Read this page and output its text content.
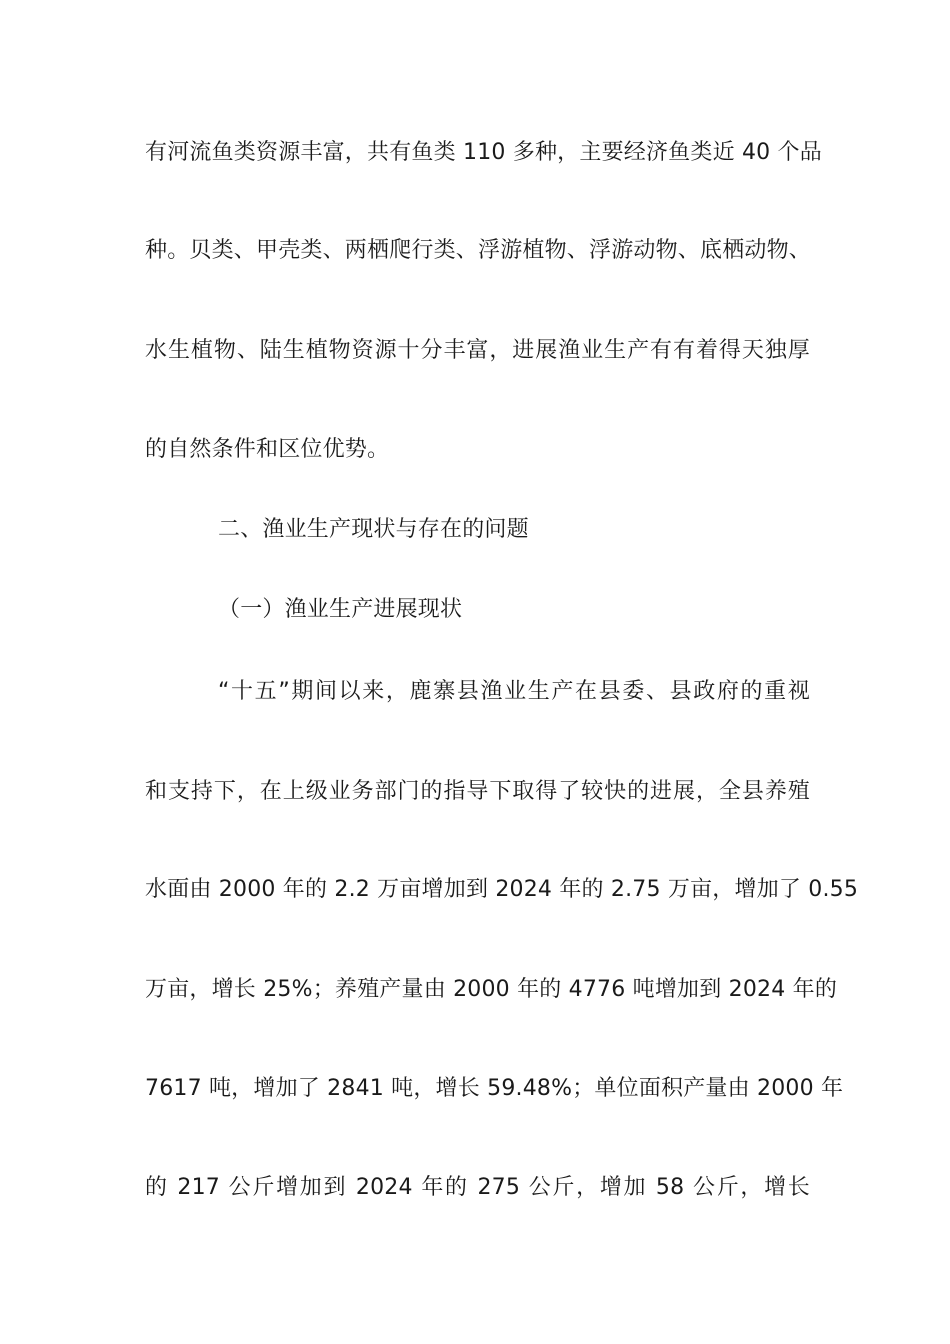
有河流鱼类资源丰富，共有鱼类 110 多种，主要经济鱼类近 40 个品
种。贝类、甲壳类、两栖爬行类、浮游植物、浮游动物、底栖动物、
水生植物、陆生植物资源十分丰富，进展渔业生产有有着得天独厚
的自然条件和区位优势。
二、渔业生产现状与存在的问题
（一）渔业生产进展现状
“十五”期间以来，鹿寨县渔业生产在县委、县政府的重视
和支持下，在上级业务部门的指导下取得了较快的进展，全县养殖
水面由 2000 年的 2.2 万亩增加到 2024 年的 2.75 万亩，增加了 0.55
万亩，增长 25%；养殖产量由 2000 年的 4776 吨增加到 2024 年的
7617 吨，增加了 2841 吨，增长 59.48%；单位面积产量由 2000 年
的 217 公斤增加到 2024 年的 275 公斤，增加 58 公斤，增长
